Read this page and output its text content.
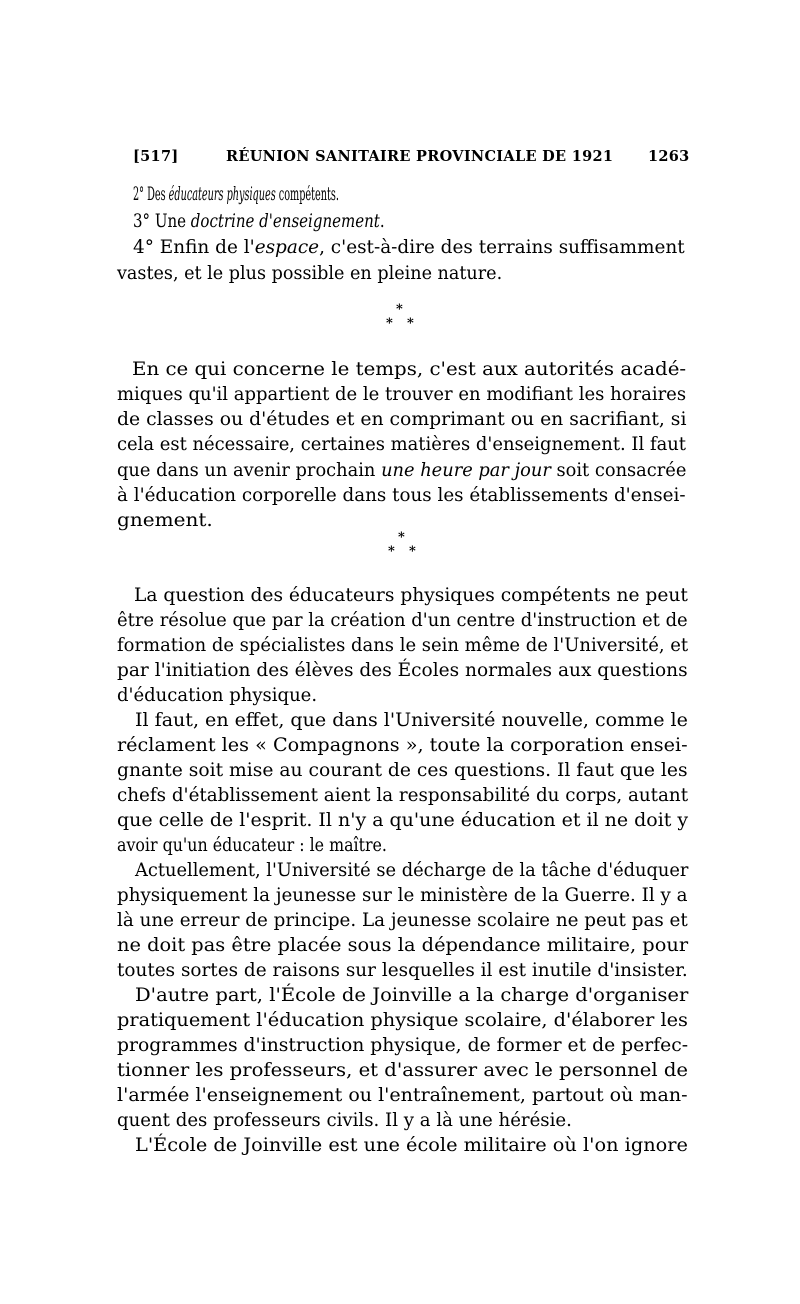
[517]	RÉUNION SANITAIRE PROVINCIALE DE 1921 1263
2° Des éducateurs physiques compétents.
3° Une doctrine d'enseignement.
4° Enfin de l'espace, c'est-à-dire des terrains suffisamment
vastes, et le plus possible en pleine nature.
*
* *
En ce qui concerne le temps, c'est aux autorités acadé-
miques qu'il appartient de le trouver en modifiant les horaires
de classes ou d'études et en comprimant ou en sacrifiant, si
cela est nécessaire, certaines matières d'enseignement. Il faut
que dans un avenir prochain une heure par jour soit consacrée
à l'éducation corporelle dans tous les établissements d'ensei-
gnement.
*
* *
La question des éducateurs physiques compétents ne peut
être résolue que par la création d'un centre d'instruction et de
formation de spécialistes dans le sein même de l'Université, et
par l'initiation des élèves des Écoles normales aux questions
d'éducation physique.
Il faut, en effet, que dans l'Université nouvelle, comme le
réclament les « Compagnons », toute la corporation ensei-
gnante soit mise au courant de ces questions. Il faut que les
chefs d'établissement aient la responsabilité du corps, autant
que celle de l'esprit. Il n'y a qu'une éducation et il ne doit y
avoir qu'un éducateur : le maître.
Actuellement, l'Université se décharge de la tâche d'éduquer
physiquement la jeunesse sur le ministère de la Guerre. Il y a
là une erreur de principe. La jeunesse scolaire ne peut pas et
ne doit pas être placée sous la dépendance militaire, pour
toutes sortes de raisons sur lesquelles il est inutile d'insister.
D'autre part, l'École de Joinville a la charge d'organiser
pratiquement l'éducation physique scolaire, d'élaborer les
programmes d'instruction physique, de former et de perfec-
tionner les professeurs, et d'assurer avec le personnel de
l'armée l'enseignement ou l'entraînement, partout où man-
quent des professeurs civils. Il y a là une hérésie.
L'École de Joinville est une école militaire où l'on ignore
